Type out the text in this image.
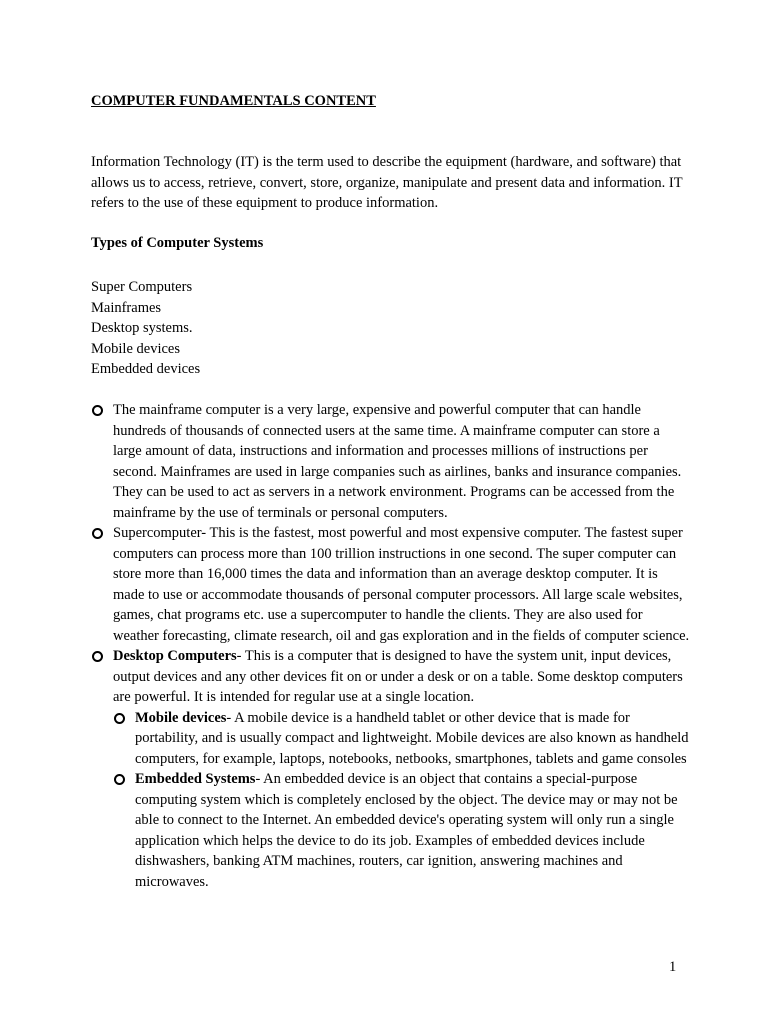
COMPUTER FUNDAMENTALS CONTENT

Information Technology (IT) is the term used to describe the equipment (hardware, and software) that allows us to access, retrieve, convert, store, organize, manipulate and present data and information. IT refers to the use of these equipment to produce information.

Types of Computer Systems

Super Computers
Mainframes
Desktop systems.
Mobile devices
Embedded devices
The mainframe computer is a very large, expensive and powerful computer that can handle hundreds of thousands of connected users at the same time. A mainframe computer can store a large amount of data, instructions and information and processes millions of instructions per second. Mainframes are used in large companies such as airlines, banks and insurance companies. They can be used to act as servers in a network environment. Programs can be accessed from the mainframe by the use of terminals or personal computers.
Supercomputer- This is the fastest, most powerful and most expensive computer. The fastest super computers can process more than 100 trillion instructions in one second. The super computer can store more than 16,000 times the data and information than an average desktop computer. It is made to use or accommodate thousands of personal computer processors. All large scale websites, games, chat programs etc. use a supercomputer to handle the clients. They are also used for weather forecasting, climate research, oil and gas exploration and in the fields of computer science.
Desktop Computers- This is a computer that is designed to have the system unit, input devices, output devices and any other devices fit on or under a desk or on a table. Some desktop computers are powerful. It is intended for regular use at a single location.
Mobile devices- A mobile device is a handheld tablet or other device that is made for portability, and is usually compact and lightweight. Mobile devices are also known as handheld computers, for example, laptops, notebooks, netbooks, smartphones, tablets and game consoles
Embedded Systems- An embedded device is an object that contains a special-purpose computing system which is completely enclosed by the object. The device may or may not be able to connect to the Internet. An embedded device's operating system will only run a single application which helps the device to do its job. Examples of embedded devices include dishwashers, banking ATM machines, routers, car ignition, answering machines and microwaves.

1
